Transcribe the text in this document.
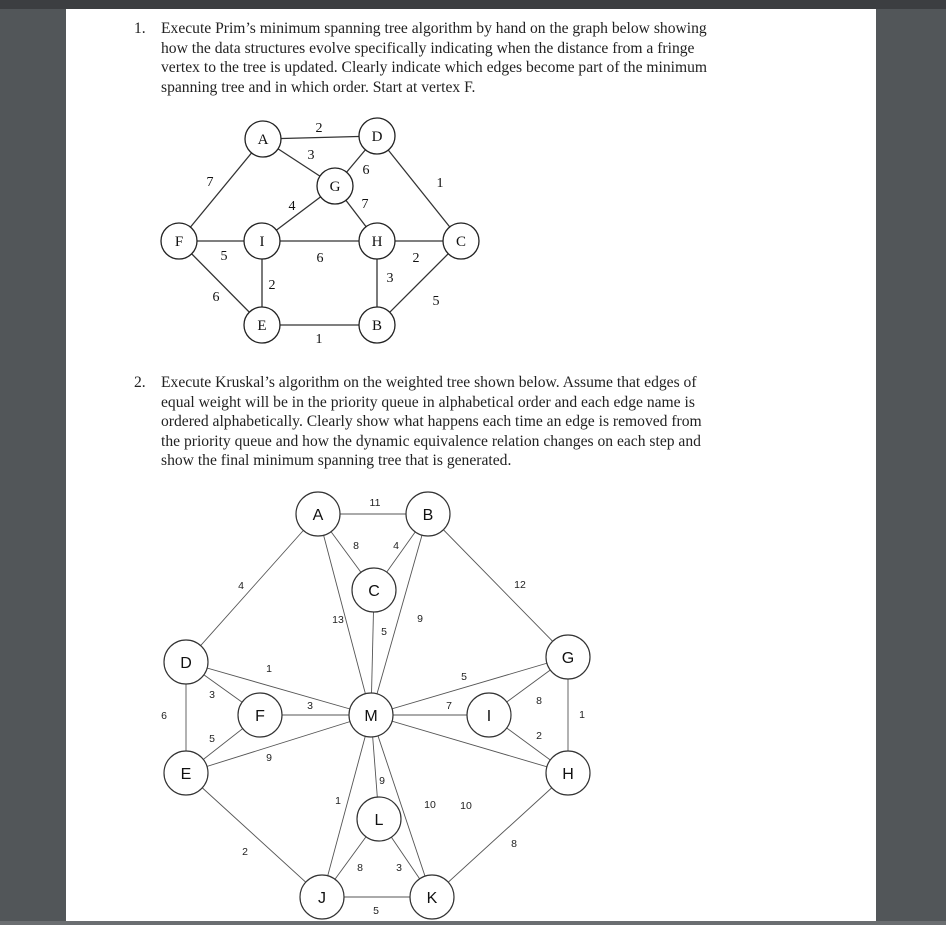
1. Execute Prim’s minimum spanning tree algorithm by hand on the graph below showing
how the data structures evolve specifically indicating when the distance from a fringe
vertex to the tree is updated. Clearly indicate which edges become part of the minimum
spanning tree and in which order. Start at vertex F.

2
3
6
1
7
4	7
5	6	2
6
2	3
5
1
A	D
G
F	I	H	C
E	B
2. Execute Kruskal’s algorithm on the weighted tree shown below. Assume that edges of
equal weight will be in the priority queue in alphabetical order and each edge name is
ordered alphabetically. Clearly show what happens each time an edge is removed from
the priority queue and how the dynamic equivalence relation changes on each step and
show the final minimum spanning tree that is generated.

11
8	4
4	12
13
5
9
1
3
3
6
5
9
5
7	8
1
10
2
9
10
1
2
8
8	3
5
A	B
C
D	G
F	M	I
E	H
L
J	K
